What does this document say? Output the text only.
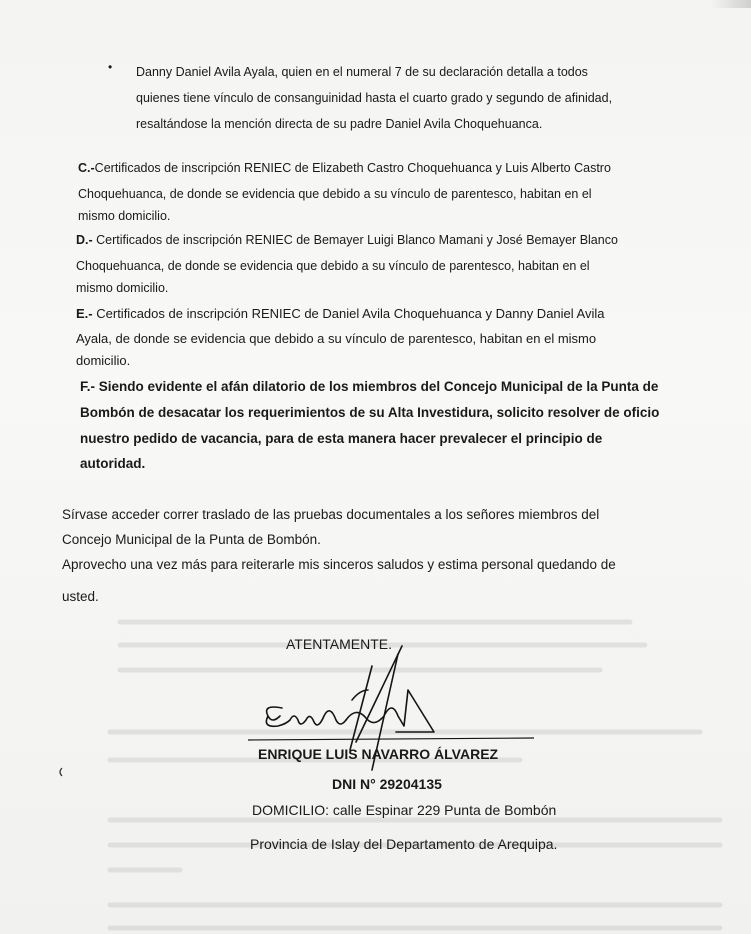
• Danny Daniel Avila Ayala, quien en el numeral 7 de su declaración detalla a todos
quienes tiene vínculo de consanguinidad hasta el cuarto grado y segundo de afinidad,
resaltándose la mención directa de su padre Daniel Avila Choquehuanca.
C.-Certificados de inscripción RENIEC de Elizabeth Castro Choquehuanca y Luis Alberto Castro
Choquehuanca, de donde se evidencia que debido a su vínculo de parentesco, habitan en el
mismo domicilio.
D.- Certificados de inscripción RENIEC de Bemayer Luigi Blanco Mamani y José Bemayer Blanco
Choquehuanca, de donde se evidencia que debido a su vínculo de parentesco, habitan en el
mismo domicilio.
E.- Certificados de inscripción RENIEC de Daniel Avila Choquehuanca y Danny Daniel Avila
Ayala, de donde se evidencia que debido a su vínculo de parentesco, habitan en el mismo
domicilio.
F.- Siendo evidente el afán dilatorio de los miembros del Concejo Municipal de la Punta de
Bombón de desacatar los requerimientos de su Alta Investidura, solicito resolver de oficio
nuestro pedido de vacancia, para de esta manera hacer prevalecer el principio de
autoridad.
Sírvase acceder correr traslado de las pruebas documentales a los señores miembros del
Concejo Municipal de la Punta de Bombón.
Aprovecho una vez más para reiterarle mis sinceros saludos y estima personal quedando de
usted.
ATENTAMENTE.
ENRIQUE LUIS NAVARRO ÁLVAREZ
DNI N° 29204135
DOMICILIO: calle Espinar 229 Punta de Bombón
Provincia de Islay del Departamento de Arequipa.
